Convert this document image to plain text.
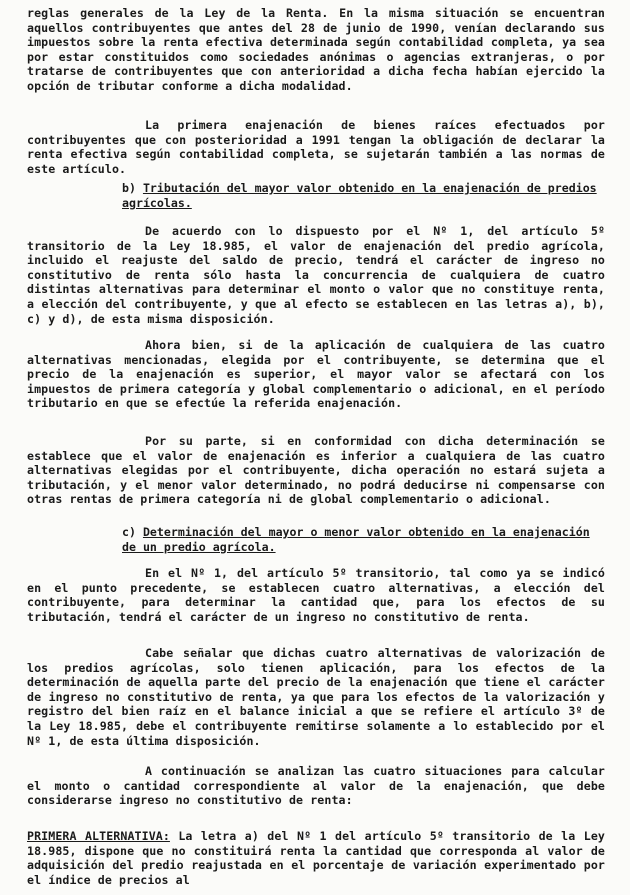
reglas generales de la Ley de la Renta. En la misma situación se encuentran aquellos contribuyentes que antes del 28 de junio de 1990, venían declarando sus impuestos sobre la renta efectiva determinada según contabilidad completa, ya sea por estar constituidos como sociedades anónimas o agencias extranjeras, o por tratarse de contribuyentes que con anterioridad a dicha fecha habían ejercido la opción de tributar conforme a dicha modalidad.
La primera enajenación de bienes raíces efectuados por contribuyentes que con posterioridad a 1991 tengan la obligación de declarar la renta efectiva según contabilidad completa, se sujetarán también a las normas de este artículo.
b) Tributación del mayor valor obtenido en la enajenación de predios agrícolas.
De acuerdo con lo dispuesto por el Nº 1, del artículo 5º transitorio de la Ley 18.985, el valor de enajenación del predio agrícola, incluido el reajuste del saldo de precio, tendrá el carácter de ingreso no constitutivo de renta sólo hasta la concurrencia de cualquiera de cuatro distintas alternativas para determinar el monto o valor que no constituye renta, a elección del contribuyente, y que al efecto se establecen en las letras a), b), c) y d), de esta misma disposición.
Ahora bien, si de la aplicación de cualquiera de las cuatro alternativas mencionadas, elegida por el contribuyente, se determina que el precio de la enajenación es superior, el mayor valor se afectará con los impuestos de primera categoría y global complementario o adicional, en el período tributario en que se efectúe la referida enajenación.
Por su parte, si en conformidad con dicha determinación se establece que el valor de enajenación es inferior a cualquiera de las cuatro alternativas elegidas por el contribuyente, dicha operación no estará sujeta a tributación, y el menor valor determinado, no podrá deducirse ni compensarse con otras rentas de primera categoría ni de global complementario o adicional.
c) Determinación del mayor o menor valor obtenido en la enajenación de un predio agrícola.
En el Nº 1, del artículo 5º transitorio, tal como ya se indicó en el punto precedente, se establecen cuatro alternativas, a elección del contribuyente, para determinar la cantidad que, para los efectos de su tributación, tendrá el carácter de un ingreso no constitutivo de renta.
Cabe señalar que dichas cuatro alternativas de valorización de los predios agrícolas, solo tienen aplicación, para los efectos de la determinación de aquella parte del precio de la enajenación que tiene el carácter de ingreso no constitutivo de renta, ya que para los efectos de la valorización y registro del bien raíz en el balance inicial a que se refiere el artículo 3º de la Ley 18.985, debe el contribuyente remitirse solamente a lo establecido por el Nº 1, de esta última disposición.
A continuación se analizan las cuatro situaciones para calcular el monto o cantidad correspondiente al valor de la enajenación, que debe considerarse ingreso no constitutivo de renta:
PRIMERA ALTERNATIVA: La letra a) del Nº 1 del artículo 5º transitorio de la Ley 18.985, dispone que no constituirá renta la cantidad que corresponda al valor de adquisición del predio reajustada en el porcentaje de variación experimentado por el índice de precios al
